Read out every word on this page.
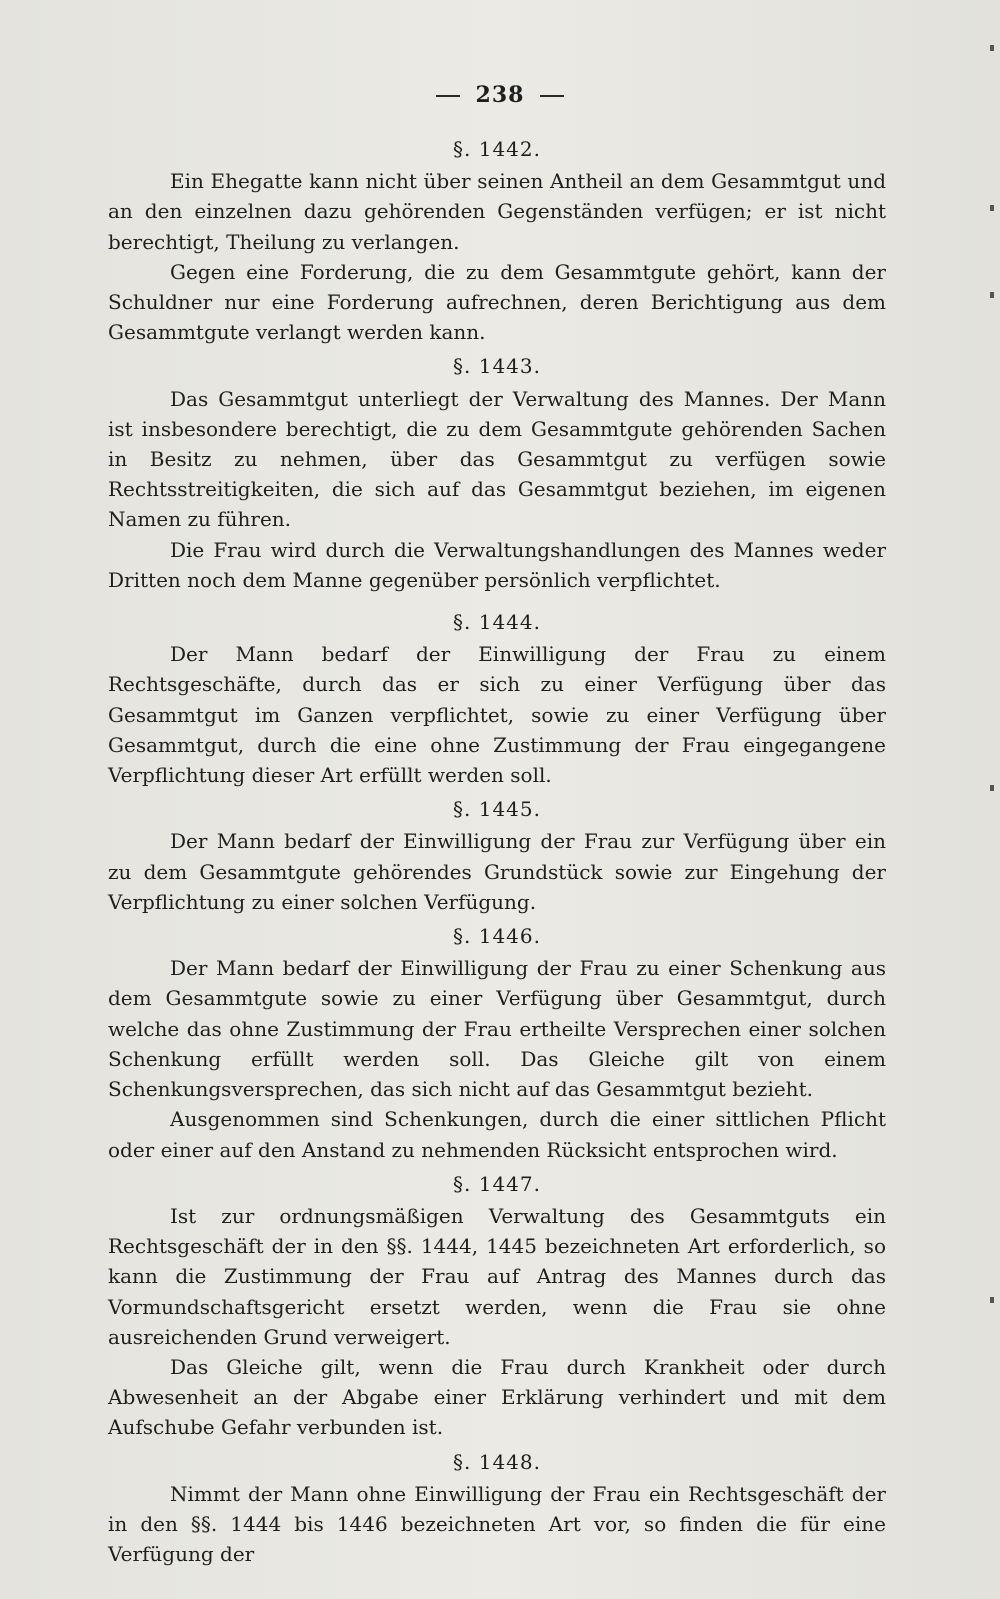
238
§. 1442.

Ein Ehegatte kann nicht über seinen Antheil an dem Gesammtgut und an den einzelnen dazu gehörenden Gegenständen verfügen; er ist nicht berechtigt, Theilung zu verlangen.

Gegen eine Forderung, die zu dem Gesammtgute gehört, kann der Schuldner nur eine Forderung aufrechnen, deren Berichtigung aus dem Gesammtgute verlangt werden kann.

§. 1443.

Das Gesammtgut unterliegt der Verwaltung des Mannes. Der Mann ist insbesondere berechtigt, die zu dem Gesammtgute gehörenden Sachen in Besitz zu nehmen, über das Gesammtgut zu verfügen sowie Rechtsstreitigkeiten, die sich auf das Gesammtgut beziehen, im eigenen Namen zu führen.

Die Frau wird durch die Verwaltungshandlungen des Mannes weder Dritten noch dem Manne gegenüber persönlich verpflichtet.

§. 1444.

Der Mann bedarf der Einwilligung der Frau zu einem Rechtsgeschäfte, durch das er sich zu einer Verfügung über das Gesammtgut im Ganzen verpflichtet, sowie zu einer Verfügung über Gesammtgut, durch die eine ohne Zustimmung der Frau eingegangene Verpflichtung dieser Art erfüllt werden soll.

§. 1445.

Der Mann bedarf der Einwilligung der Frau zur Verfügung über ein zu dem Gesammtgute gehörendes Grundstück sowie zur Eingehung der Verpflichtung zu einer solchen Verfügung.

§. 1446.

Der Mann bedarf der Einwilligung der Frau zu einer Schenkung aus dem Gesammtgute sowie zu einer Verfügung über Gesammtgut, durch welche das ohne Zustimmung der Frau ertheilte Versprechen einer solchen Schenkung erfüllt werden soll. Das Gleiche gilt von einem Schenkungsversprechen, das sich nicht auf das Gesammtgut bezieht.

Ausgenommen sind Schenkungen, durch die einer sittlichen Pflicht oder einer auf den Anstand zu nehmenden Rücksicht entsprochen wird.

§. 1447.

Ist zur ordnungsmäßigen Verwaltung des Gesammtguts ein Rechtsgeschäft der in den §§. 1444, 1445 bezeichneten Art erforderlich, so kann die Zustimmung der Frau auf Antrag des Mannes durch das Vormundschaftsgericht ersetzt werden, wenn die Frau sie ohne ausreichenden Grund verweigert.

Das Gleiche gilt, wenn die Frau durch Krankheit oder durch Abwesenheit an der Abgabe einer Erklärung verhindert und mit dem Aufschube Gefahr verbunden ist.

§. 1448.

Nimmt der Mann ohne Einwilligung der Frau ein Rechtsgeschäft der in den §§. 1444 bis 1446 bezeichneten Art vor, so finden die für eine Verfügung der
